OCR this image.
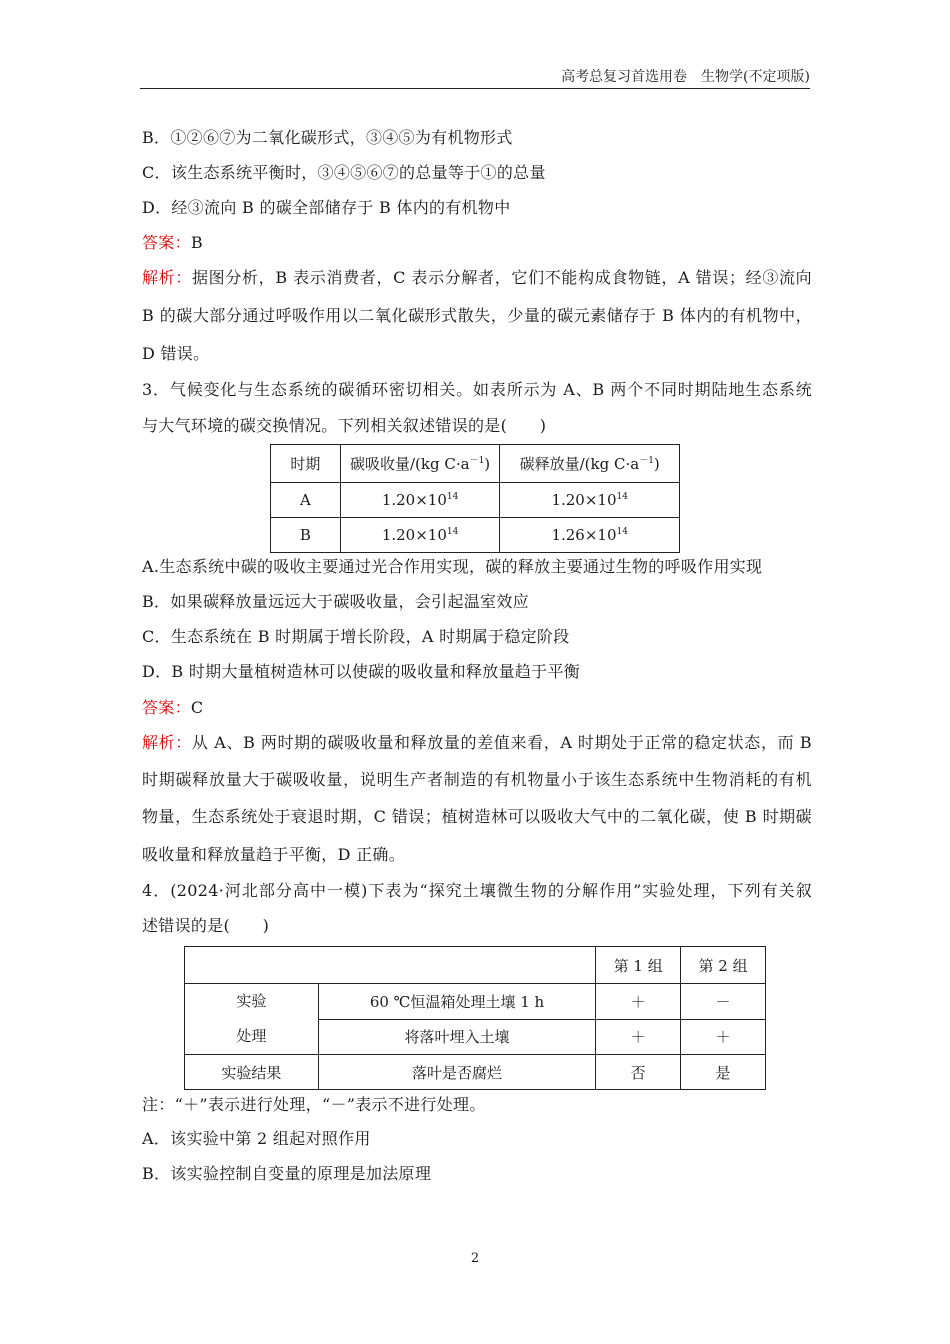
高考总复习首选用卷　生物学(不定项版)
B．①②⑥⑦为二氧化碳形式，③④⑤为有机物形式
C．该生态系统平衡时，③④⑤⑥⑦的总量等于①的总量
D．经③流向 B 的碳全部储存于 B 体内的有机物中
答案：B
解析：据图分析，B 表示消费者，C 表示分解者，它们不能构成食物链，A 错误；经③流向
B 的碳大部分通过呼吸作用以二氧化碳形式散失，少量的碳元素储存于 B 体内的有机物中，
D 错误。
3．气候变化与生态系统的碳循环密切相关。如表所示为 A、B 两个不同时期陆地生态系统
与大气环境的碳交换情况。下列相关叙述错误的是(　　)
时期	碳吸收量/(kg $C\cdot a^{-1}$)	碳释放量/(kg $C\cdot a^{-1}$)
A	$1.20\times 10^{14}$	$1.20\times 10^{14}$
B	$1.20\times 10^{14}$	$1.26\times 10^{14}$
A.生态系统中碳的吸收主要通过光合作用实现，碳的释放主要通过生物的呼吸作用实现
B．如果碳释放量远远大于碳吸收量，会引起温室效应
C．生态系统在 B 时期属于增长阶段，A 时期属于稳定阶段
D．B 时期大量植树造林可以使碳的吸收量和释放量趋于平衡
答案：C
解析：从 A、B 两时期的碳吸收量和释放量的差值来看，A 时期处于正常的稳定状态，而 B
时期碳释放量大于碳吸收量，说明生产者制造的有机物量小于该生态系统中生物消耗的有机
物量，生态系统处于衰退时期，C 错误；植树造林可以吸收大气中的二氧化碳，使 B 时期碳
吸收量和释放量趋于平衡，D 正确。
4．(2024·河北部分高中一模)下表为“探究土壤微生物的分解作用”实验处理，下列有关叙
述错误的是(　　)
		第 1 组	第 2 组

实验
处理	60 ℃恒温箱处理土壤 1 h	＋	－
	将落叶埋入土壤	＋	＋
实验结果	落叶是否腐烂	否	是
注：“＋”表示进行处理，“－”表示不进行处理。
A．该实验中第 2 组起对照作用
B．该实验控制自变量的原理是加法原理
2
